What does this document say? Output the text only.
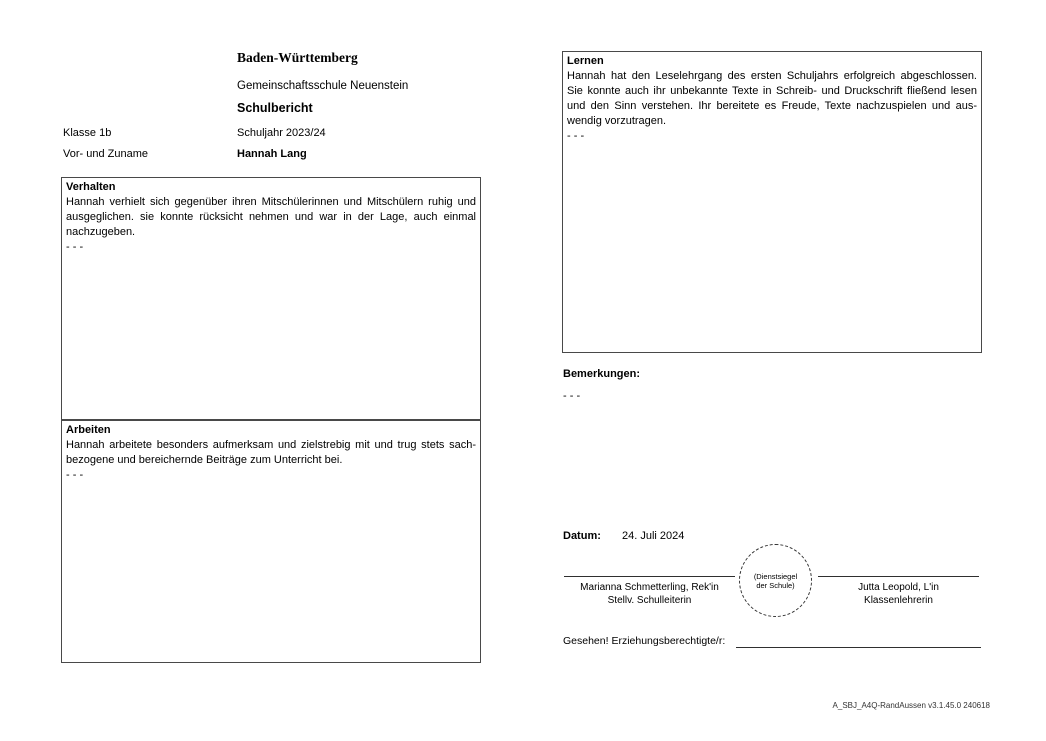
Baden-Württemberg
Gemeinschaftsschule Neuenstein
Schulbericht
Klasse 1b	Schuljahr 2023/24
Vor- und Zuname	Hannah Lang
Verhalten
Hannah verhielt sich gegenüber ihren Mitschülerinnen und Mitschülern ruhig und
ausgeglichen. sie konnte rücksicht nehmen und war in der Lage, auch einmal
nachzugeben.
- - -
Arbeiten
Hannah arbeitete besonders aufmerksam und zielstrebig mit und trug stets sach-
bezogene und bereichernde Beiträge zum Unterricht bei.
- - -
Lernen
Hannah hat den Leselehrgang des ersten Schuljahrs erfolgreich abgeschlossen.
Sie konnte auch ihr unbekannte Texte in Schreib- und Druckschrift fließend lesen
und den Sinn verstehen. Ihr bereitete es Freude, Texte nachzuspielen und aus-
wendig vorzutragen.
- - -
Bemerkungen:
- - -
Datum: 24. Juli 2024
Marianna Schmetterling, Rek'in
Stellv. Schulleiterin
(Dienstsiegel
der Schule)	Jutta Leopold, L'in
Klassenlehrerin
Gesehen! Erziehungsberechtigte/r:
A_SBJ_A4Q-RandAussen v3.1.45.0 240618
